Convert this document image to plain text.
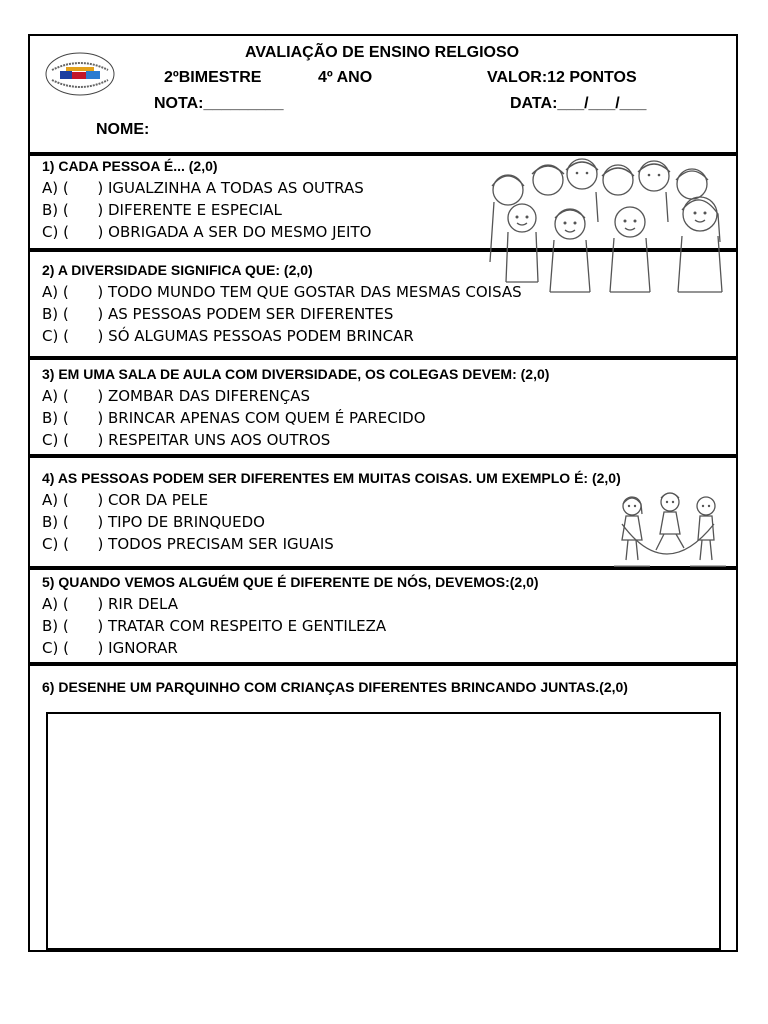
AVALIAÇÃO DE ENSINO RELGIOSO
2ºBIMESTRE	4º ANO	VALOR:12 PONTOS
NOTA:_________	DATA:___/___/___
NOME:
1) CADA PESSOA É... (2,0)
A) (      ) IGUALZINHA A TODAS AS OUTRAS
B) (      ) DIFERENTE E ESPECIAL
C) (      ) OBRIGADA A SER DO MESMO JEITO
2) A DIVERSIDADE SIGNIFICA QUE: (2,0)
A) (      ) TODO MUNDO TEM QUE GOSTAR DAS MESMAS COISAS
B) (      ) AS PESSOAS PODEM SER DIFERENTES
C) (      ) SÓ ALGUMAS PESSOAS PODEM BRINCAR
3) EM UMA SALA DE AULA COM DIVERSIDADE, OS COLEGAS DEVEM: (2,0)
A) (      ) ZOMBAR DAS DIFERENÇAS
B) (      ) BRINCAR APENAS COM QUEM É PARECIDO
C) (      ) RESPEITAR UNS AOS OUTROS
4) AS PESSOAS PODEM SER DIFERENTES EM MUITAS COISAS. UM EXEMPLO É: (2,0)
A) (      ) COR DA PELE
B) (      ) TIPO DE BRINQUEDO
C) (      ) TODOS PRECISAM SER IGUAIS
5) QUANDO VEMOS ALGUÉM QUE É DIFERENTE DE NÓS, DEVEMOS:(2,0)
A) (      ) RIR DELA
B) (      ) TRATAR COM RESPEITO E GENTILEZA
C) (      ) IGNORAR
6) DESENHE UM PARQUINHO COM CRIANÇAS DIFERENTES BRINCANDO JUNTAS.(2,0)
